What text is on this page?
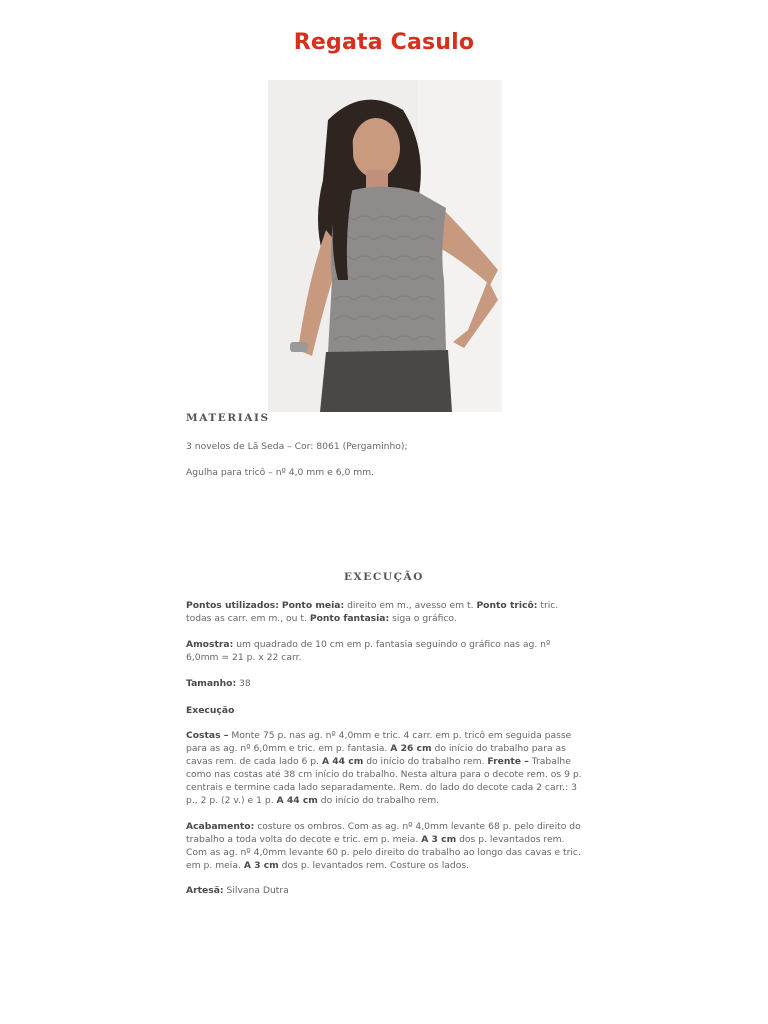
Regata Casulo
MATERIAIS
3 novelos de Lã Seda – Cor: 8061 (Pergaminho);
Agulha para tricô – nº 4,0 mm e 6,0 mm.
EXECUÇÃO
Pontos utilizados: Ponto meia: direito em m., avesso em t. Ponto tricô: tric. todas as carr. em m., ou t. Ponto fantasia: siga o gráfico.
Amostra: um quadrado de 10 cm em p. fantasia seguindo o gráfico nas ag. nº 6,0mm = 21 p. x 22 carr.
Tamanho: 38
Execução
Costas – Monte 75 p. nas ag. nº 4,0mm e tric. 4 carr. em p. tricô em seguida passe para as ag. nº 6,0mm e tric. em p. fantasia. A 26 cm do início do trabalho para as cavas rem. de cada lado 6 p. A 44 cm do início do trabalho rem. Frente – Trabalhe como nas costas até 38 cm início do trabalho. Nesta altura para o decote rem. os 9 p. centrais e termine cada lado separadamente. Rem. do lado do decote cada 2 carr.: 3 p., 2 p. (2 v.) e 1 p. A 44 cm do início do trabalho rem.
Acabamento: costure os ombros. Com as ag. nº 4,0mm levante 68 p. pelo direito do trabalho a toda volta do decote e tric. em p. meia. A 3 cm dos p. levantados rem. Com as ag. nº 4,0mm levante 60 p. pelo direito do trabalho ao longo das cavas e tric. em p. meia. A 3 cm dos p. levantados rem. Costure os lados.
Artesã: Silvana Dutra
